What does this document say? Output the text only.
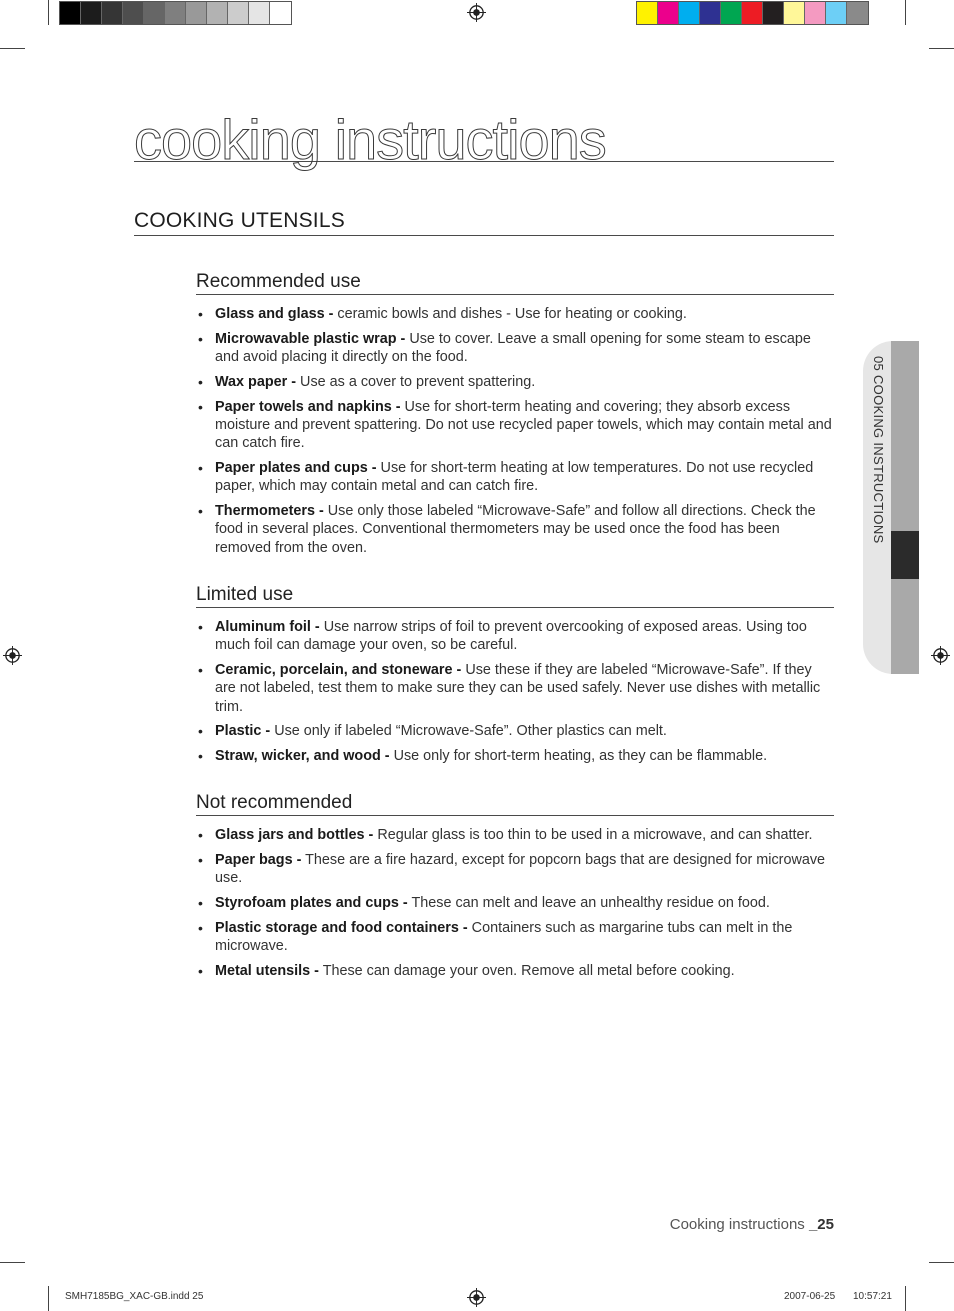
cooking instructions
COOKING UTENSILS
Recommended use
• Glass and glass - ceramic bowls and dishes - Use for heating or cooking.
• Microwavable plastic wrap - Use to cover. Leave a small opening for some steam to escape and avoid placing it directly on the food.
• Wax paper - Use as a cover to prevent spattering.
• Paper towels and napkins - Use for short-term heating and covering; they absorb excess moisture and prevent spattering. Do not use recycled paper towels, which may contain metal and can catch fire.
• Paper plates and cups - Use for short-term heating at low temperatures. Do not use recycled paper, which may contain metal and can catch fire.
• Thermometers - Use only those labeled “Microwave-Safe” and follow all directions. Check the food in several places. Conventional thermometers may be used once the food has been removed from the oven.
Limited use
• Aluminum foil - Use narrow strips of foil to prevent overcooking of exposed areas. Using too much foil can damage your oven, so be careful.
• Ceramic, porcelain, and stoneware - Use these if they are labeled “Microwave-Safe”. If they are not labeled, test them to make sure they can be used safely. Never use dishes with metallic trim.
• Plastic - Use only if labeled “Microwave-Safe”. Other plastics can melt.
• Straw, wicker, and wood - Use only for short-term heating, as they can be flammable.
Not recommended
• Glass jars and bottles - Regular glass is too thin to be used in a microwave, and can shatter.
• Paper bags - These are a fire hazard, except for popcorn bags that are designed for microwave use.
• Styrofoam plates and cups - These can melt and leave an unhealthy residue on food.
• Plastic storage and food containers - Containers such as margarine tubs can melt in the microwave.
• Metal utensils - These can damage your oven. Remove all metal before cooking.
05 COOKING INSTRUCTIONS
Cooking instructions _25
SMH7185BG_XAC-GB.indd 25	2007-06-25 10:57:21
